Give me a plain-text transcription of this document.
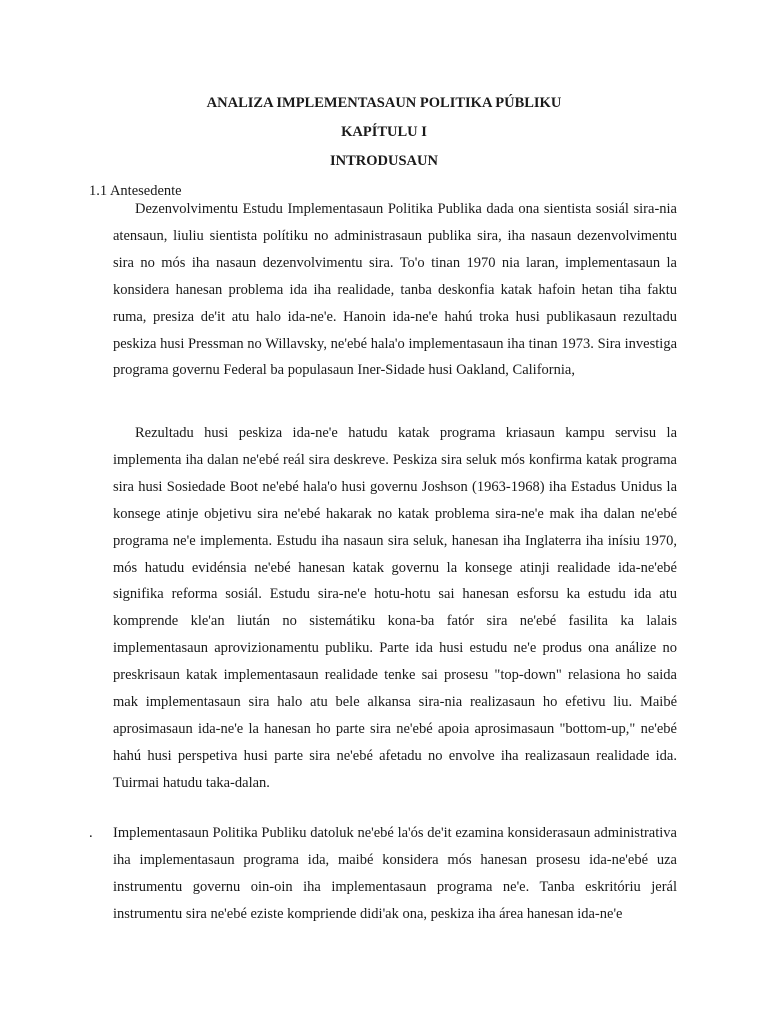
ANALIZA IMPLEMENTASAUN POLITIKA PÚBLIKU
KAPÍTULU I
INTRODUSAUN
1.1 Antesedente

Dezenvolvimentu Estudu Implementasaun Politika Publika dada ona sientista sosiál sira-nia atensaun, liuliu sientista polítiku no administrasaun publika sira, iha nasaun dezenvolvimentu sira no mós iha nasaun dezenvolvimentu sira. To'o tinan 1970 nia laran, implementasaun la konsidera hanesan problema ida iha realidade, tanba deskonfia katak hafoin hetan tiha faktu ruma, presiza de'it atu halo ida-ne'e. Hanoin ida-ne'e hahú troka husi publikasaun rezultadu peskiza husi Pressman no Willavsky, ne'ebé hala'o implementasaun iha tinan 1973. Sira investiga programa governu Federal ba populasaun Iner-Sidade husi Oakland, California,

Rezultadu husi peskiza ida-ne'e hatudu katak programa kriasaun kampu servisu la implementa iha dalan ne'ebé reál sira deskreve. Peskiza sira seluk mós konfirma katak programa sira husi Sosiedade Boot ne'ebé hala'o husi governu Joshson (1963-1968) iha Estadus Unidus la konsege atinje objetivu sira ne'ebé hakarak no katak problema sira-ne'e mak iha dalan ne'ebé programa ne'e implementa. Estudu iha nasaun sira seluk, hanesan iha Inglaterra iha inísiu 1970, mós hatudu evidénsia ne'ebé hanesan katak governu la konsege atinji realidade ida-ne'ebé signifika reforma sosiál. Estudu sira-ne'e hotu-hotu sai hanesan esforsu ka estudu ida atu komprende kle'an liután no sistemátiku kona-ba fatór sira ne'ebé fasilita ka lalais implementasaun aprovizionamentu publiku. Parte ida husi estudu ne'e produs ona análize no preskrisaun katak implementasaun realidade tenke sai prosesu "top-down" relasiona ho saida mak implementasaun sira halo atu bele alkansa sira-nia realizasaun ho efetivu liu. Maibé aprosimasaun ida-ne'e la hanesan ho parte sira ne'ebé apoia aprosimasaun "bottom-up," ne'ebé hahú husi perspetiva husi parte sira ne'ebé afetadu no envolve iha realizasaun realidade ida. Tuirmai hatudu taka-dalan.

. Implementasaun Politika Publiku datoluk ne'ebé la'ós de'it ezamina konsiderasaun administrativa iha implementasaun programa ida, maibé konsidera mós hanesan prosesu ida-ne'ebé uza instrumentu governu oin-oin iha implementasaun programa ne'e. Tanba eskritóriu jerál instrumentu sira ne'ebé eziste kompriende didi'ak ona, peskiza iha área hanesan ida-ne'e
